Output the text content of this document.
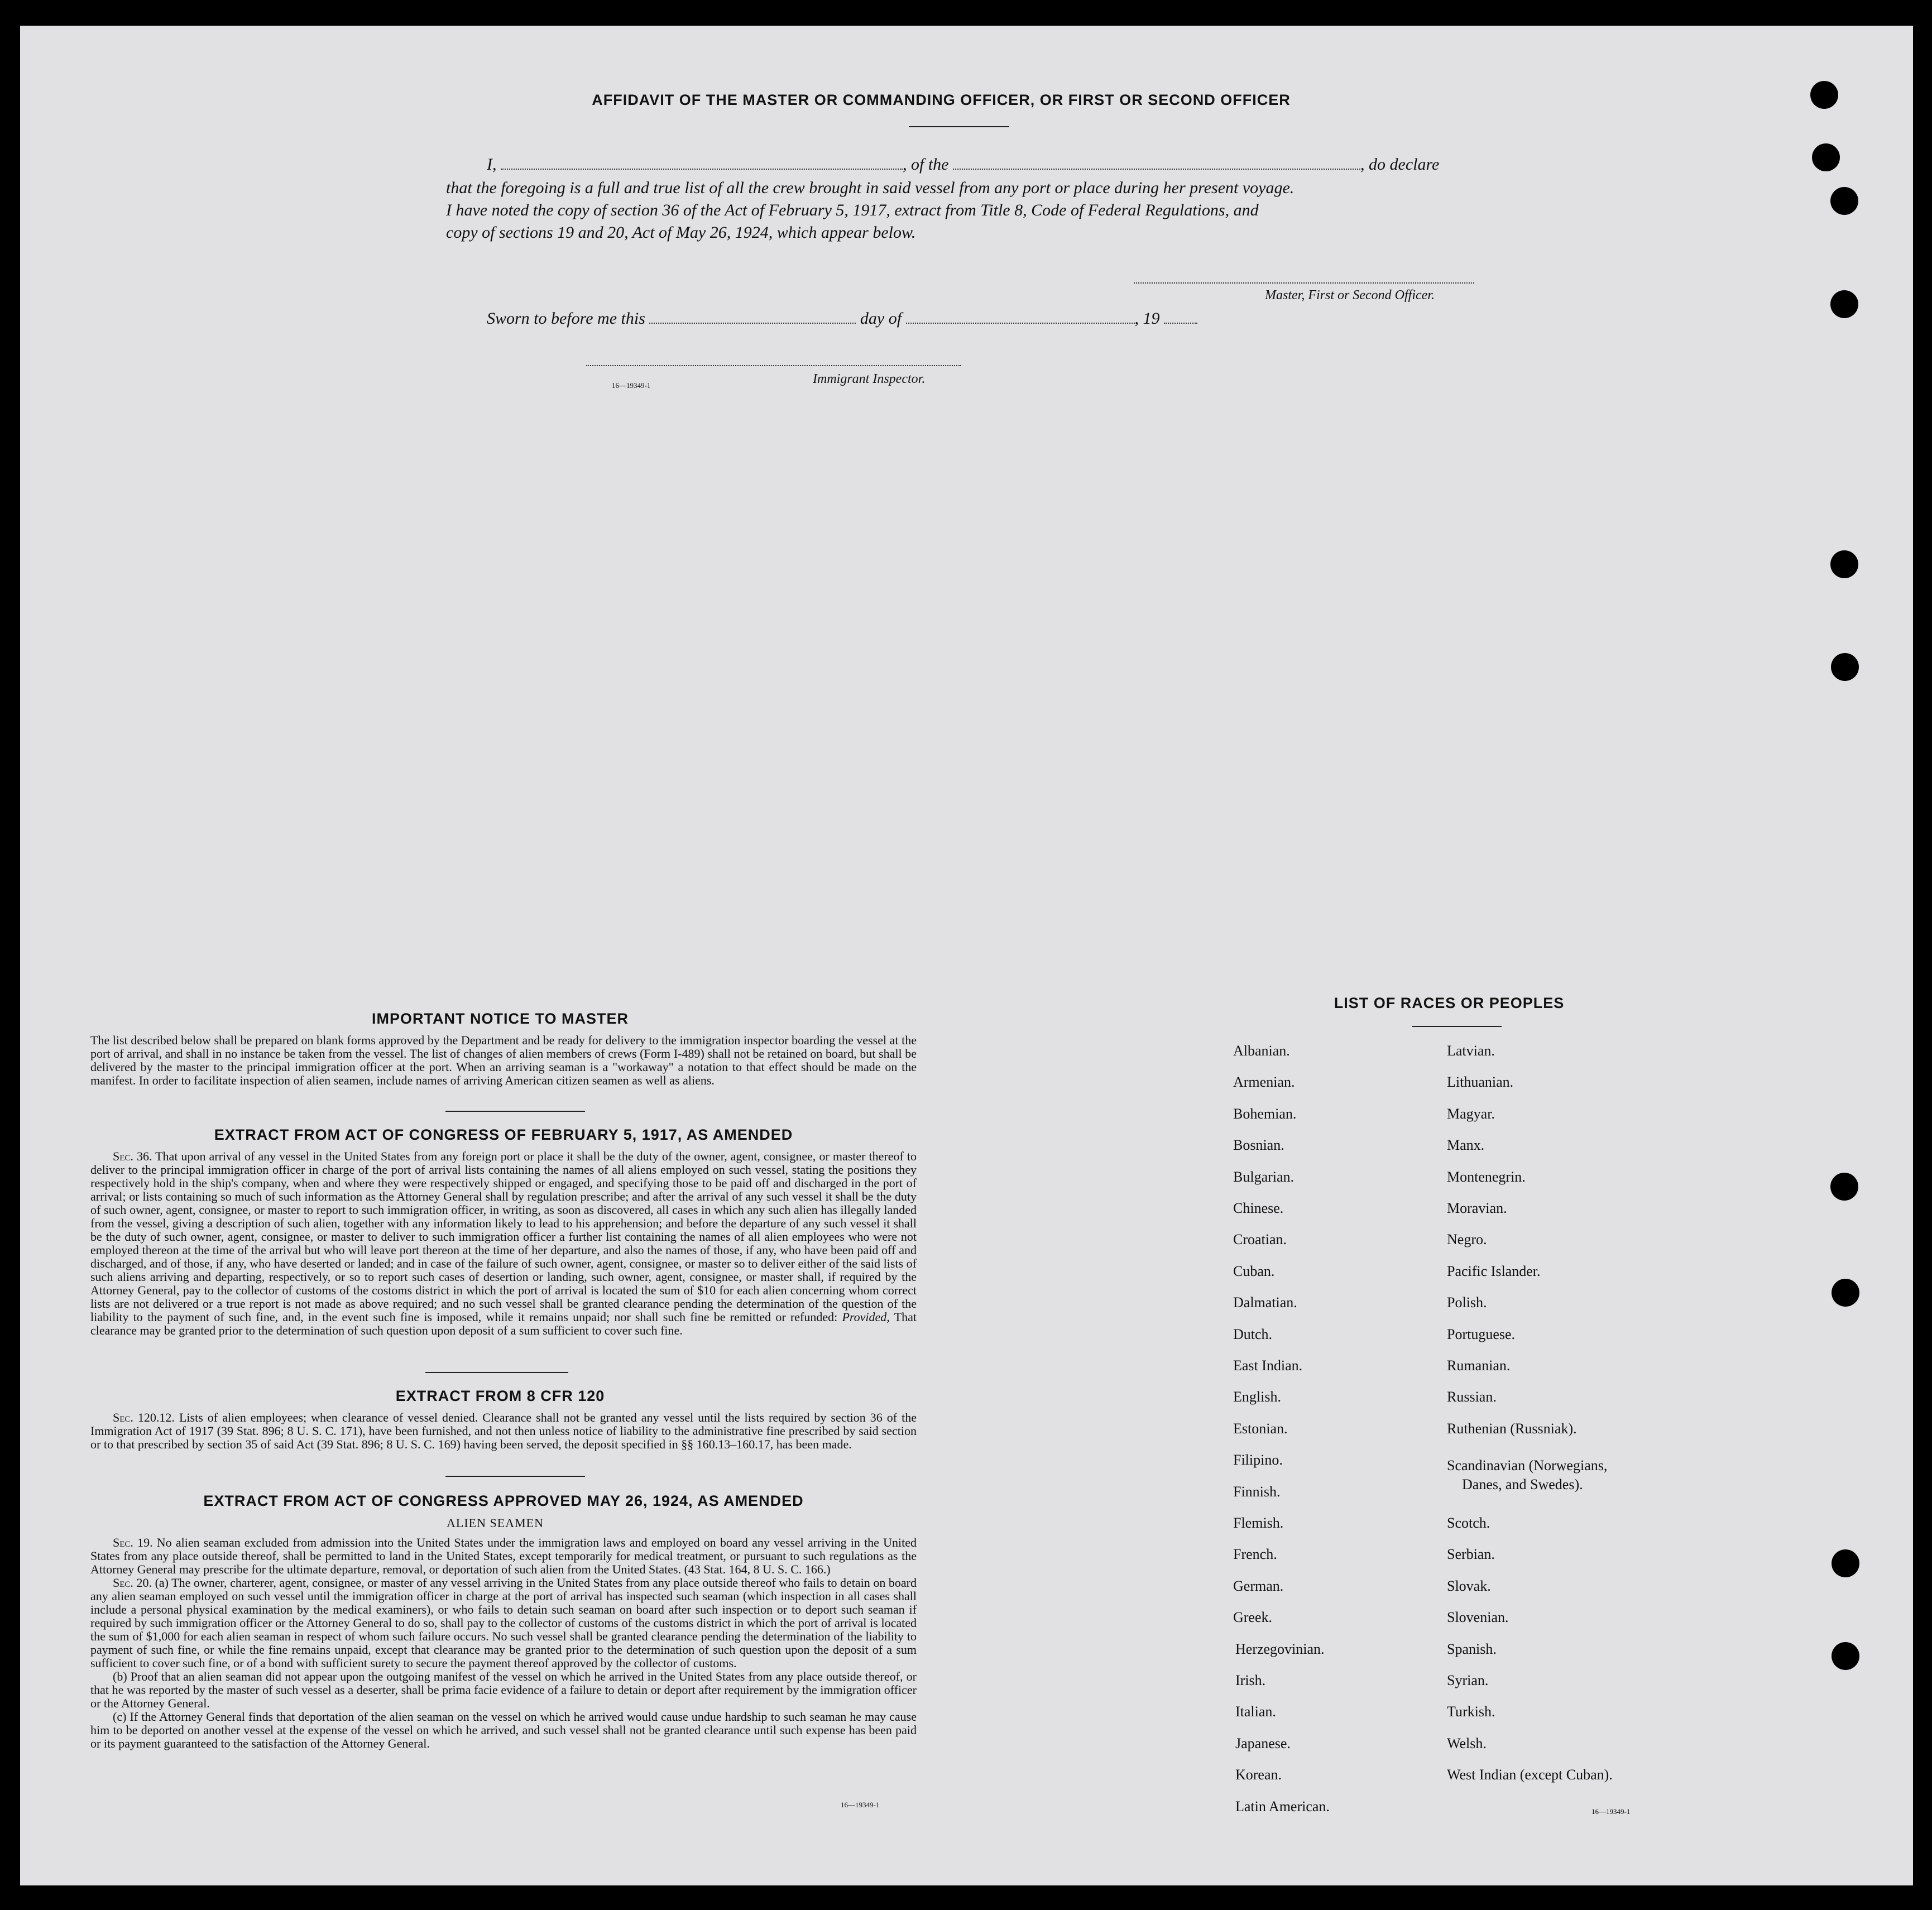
AFFIDAVIT OF THE MASTER OR COMMANDING OFFICER, OR FIRST OR SECOND OFFICER
I,	, of the	, do declare
that the foregoing is a full and true list of all the crew brought in said vessel from any port or place during her present voyage.
I have noted the copy of section 36 of the Act of February 5, 1917, extract from Title 8, Code of Federal Regulations, and
copy of sections 19 and 20, Act of May 26, 1924, which appear below.
Master, First or Second Officer.
Sworn to before me this	day of	, 19
16—19349-1	Immigrant Inspector.
IMPORTANT NOTICE TO MASTER
The list described below shall be prepared on blank forms approved by the Department and be ready for delivery to the immigration inspector boarding the vessel at the port of arrival, and shall in no instance be taken from the vessel. The list of changes of alien members of crews (Form I-489) shall not be retained on board, but shall be delivered by the master to the principal immigration officer at the port. When an arriving seaman is a "workaway" a notation to that effect should be made on the manifest. In order to facilitate inspection of alien seamen, include names of arriving American citizen seamen as well as aliens.
EXTRACT FROM ACT OF CONGRESS OF FEBRUARY 5, 1917, AS AMENDED
Sec. 36. That upon arrival of any vessel in the United States from any foreign port or place it shall be the duty of the owner, agent, consignee, or master thereof to deliver to the principal immigration officer in charge of the port of arrival lists containing the names of all aliens employed on such vessel, stating the positions they respectively hold in the ship's company, when and where they were respectively shipped or engaged, and specifying those to be paid off and discharged in the port of arrival; or lists containing so much of such information as the Attorney General shall by regulation prescribe; and after the arrival of any such vessel it shall be the duty of such owner, agent, consignee, or master to report to such immigration officer, in writing, as soon as discovered, all cases in which any such alien has illegally landed from the vessel, giving a description of such alien, together with any information likely to lead to his apprehension; and before the departure of any such vessel it shall be the duty of such owner, agent, consignee, or master to deliver to such immigration officer a further list containing the names of all alien employees who were not employed thereon at the time of the arrival but who will leave port thereon at the time of her departure, and also the names of those, if any, who have been paid off and discharged, and of those, if any, who have deserted or landed; and in case of the failure of such owner, agent, consignee, or master so to deliver either of the said lists of such aliens arriving and departing, respectively, or so to report such cases of desertion or landing, such owner, agent, consignee, or master shall, if required by the Attorney General, pay to the collector of customs of the costoms district in which the port of arrival is located the sum of $10 for each alien concerning whom correct lists are not delivered or a true report is not made as above required; and no such vessel shall be granted clearance pending the determination of the question of the liability to the payment of such fine, and, in the event such fine is imposed, while it remains unpaid; nor shall such fine be remitted or refunded: Provided, That clearance may be granted prior to the determination of such question upon deposit of a sum sufficient to cover such fine.
EXTRACT FROM 8 CFR 120
Sec. 120.12. Lists of alien employees; when clearance of vessel denied. Clearance shall not be granted any vessel until the lists required by section 36 of the Immigration Act of 1917 (39 Stat. 896; 8 U. S. C. 171), have been furnished, and not then unless notice of liability to the administrative fine prescribed by said section or to that prescribed by section 35 of said Act (39 Stat. 896; 8 U. S. C. 169) having been served, the deposit specified in §§ 160.13–160.17, has been made.
EXTRACT FROM ACT OF CONGRESS APPROVED MAY 26, 1924, AS AMENDED
ALIEN SEAMEN
Sec. 19. No alien seaman excluded from admission into the United States under the immigration laws and employed on board any vessel arriving in the United States from any place outside thereof, shall be permitted to land in the United States, except temporarily for medical treatment, or pursuant to such regulations as the Attorney General may prescribe for the ultimate departure, removal, or deportation of such alien from the United States. (43 Stat. 164, 8 U. S. C. 166.)
Sec. 20. (a) The owner, charterer, agent, consignee, or master of any vessel arriving in the United States from any place outside thereof who fails to detain on board any alien seaman employed on such vessel until the immigration officer in charge at the port of arrival has inspected such seaman (which inspection in all cases shall include a personal physical examination by the medical examiners), or who fails to detain such seaman on board after such inspection or to deport such seaman if required by such immigration officer or the Attorney General to do so, shall pay to the collector of customs of the customs district in which the port of arrival is located the sum of $1,000 for each alien seaman in respect of whom such failure occurs. No such vessel shall be granted clearance pending the determination of the liability to payment of such fine, or while the fine remains unpaid, except that clearance may be granted prior to the determination of such question upon the deposit of a sum sufficient to cover such fine, or of a bond with sufficient surety to secure the payment thereof approved by the collector of customs.
(b) Proof that an alien seaman did not appear upon the outgoing manifest of the vessel on which he arrived in the United States from any place outside thereof, or that he was reported by the master of such vessel as a deserter, shall be prima facie evidence of a failure to detain or deport after requirement by the immigration officer or the Attorney General.
(c) If the Attorney General finds that deportation of the alien seaman on the vessel on which he arrived would cause undue hardship to such seaman he may cause him to be deported on another vessel at the expense of the vessel on which he arrived, and such vessel shall not be granted clearance until such expense has been paid or its payment guaranteed to the satisfaction of the Attorney General.
16—19349-1
LIST OF RACES OR PEOPLES
16—19349-1
Albanian.
Armenian.
Bohemian.
Bosnian.
Bulgarian.
Chinese.
Croatian.
Cuban.
Dalmatian.
Dutch.
East Indian.
English.
Estonian.
Filipino.
Finnish.
Flemish.
French.
German.
Greek.
Herzegovinian.
Irish.
Italian.
Japanese.
Korean.
Latin American.
Latvian.
Lithuanian.
Magyar.
Manx.
Montenegrin.
Moravian.
Negro.
Pacific Islander.
Polish.
Portuguese.
Rumanian.
Russian.
Ruthenian (Russniak).
Scandinavian (Norwegians,
Danes, and Swedes).
Scotch.
Serbian.
Slovak.
Slovenian.
Spanish.
Syrian.
Turkish.
Welsh.
West Indian (except Cuban).
